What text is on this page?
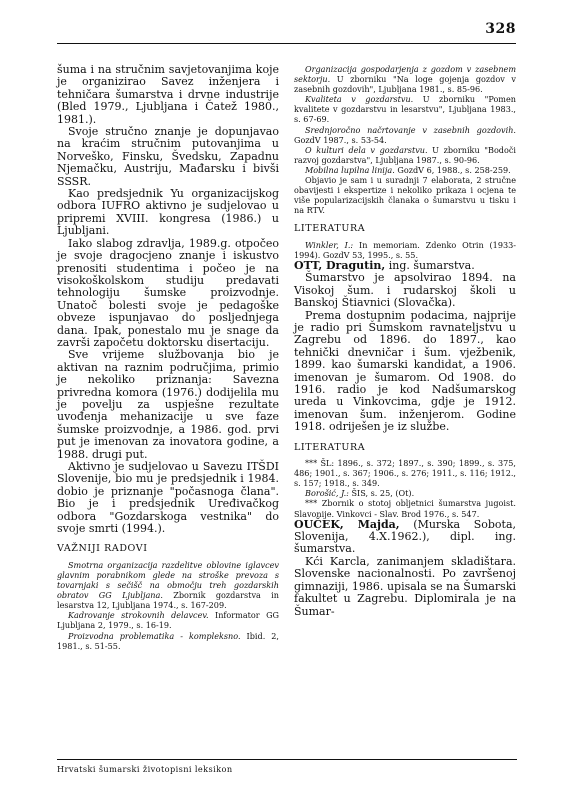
328

šuma i na stručnim savjetovanjima koje je organizirao Savez inženjera i tehničara šumarstva i drvne industrije (Bled 1979., Ljubljana i Čatež 1980., 1981.).

Svoje stručno znanje je dopunjavao na kraćim stručnim putovanjima u Norveško, Finsku, Švedsku, Zapadnu Njemačku, Austriju, Mađarsku i bivši SSSR.

Kao predsjednik Yu organizacijskog odbora IUFRO aktivno je sudjelovao u pripremi XVIII. kongresa (1986.) u Ljubljani.

Iako slabog zdravlja, 1989.g. otpočeo je svoje dragocjeno znanje i iskustvo prenositi studentima i počeo je na visokoškolskom studiju predavati tehnologiju šumske proizvodnje. Unatoč bolesti svoje je pedagoške obveze ispunjavao do posljednjega dana. Ipak, ponestalo mu je snage da završi započetu doktorsku disertaciju.

Sve vrijeme službovanja bio je aktivan na raznim područjima, primio je nekoliko priznanja: Savezna privredna komora (1976.) dodijelila mu je povelju za uspješne rezultate uvođenja mehanizacije u sve faze šumske proizvodnje, a 1986. god. prvi put je imenovan za inovatora godine, a 1988. drugi put.

Aktivno je sudjelovao u Savezu ITŠDI Slovenije, bio mu je predsjednik i 1984. dobio je priznanje "počasnoga člana". Bio je i predsjednik Uređivačkog odbora "Gozdarskoga vestnika" do svoje smrti (1994.).

VAŽNIJI RADOVI

Smotrna organizacija razdelitve oblovine iglavcev glavnim porabnikom glede na stroške prevoza s tovarnjaki s sečišč na območju treh gozdarskih obratov GG Ljubljana. Zbornik gozdarstva in lesarstva 12, Ljubljana 1974., s. 167-209.

Kadrovanje strokovnih delavcev. Informator GG Ljubljana 2, 1979., s. 16-19.

Proizvodna problematika - kompleksno. Ibid. 2, 1981., s. 51-55.

Organizacija gospodarjenja z gozdom v zasebnem sektorju. U zborniku "Na loge gojenja gozdov v zasebnih gozdovih", Ljubljana 1981., s. 85-96.

Kvaliteta v gozdarstvu. U zborniku "Pomen kvalitete v gozdarstvu in lesarstvu", Ljubljana 1983., s. 67-69.

Srednjoročno načrtovanje v zasebnih gozdovih. GozdV 1987., s. 53-54.

O kulturi dela v gozdarstvu. U zborniku "Bodoči razvoj gozdarstva", Ljubljana 1987., s. 90-96.

Mobilna lupilna linija. GozdV 6, 1988., s. 258-259.

Objavio je sam i u suradnji 7 elaborata, 2 stručne obavijesti i ekspertize i nekoliko prikaza i ocjena te više popularizacijskih članaka o šumarstvu u tisku i na RTV.

LITERATURA

Winkler, I.: In memoriam. Zdenko Otrin (1933-1994). GozdV 53, 1995., s. 55.

OTT, Dragutin, ing. šumarstva.

Šumarstvo je apsolvirao 1894. na Visokoj šum. i rudarskoj školi u Banskoj Štiavnici (Slovačka).

Prema dostupnim podacima, najprije je radio pri Šumskom ravnateljstvu u Zagrebu od 1896. do 1897., kao tehnički dnevničar i šum. vježbenik, 1899. kao šumarski kandidat, a 1906. imenovan je šumarom. Od 1908. do 1916. radio je kod Nadšumarskog ureda u Vinkovcima, gdje je 1912. imenovan šum. inženjerom. Godine 1918. odriješen je iz službe.

LITERATURA

*** ŠL: 1896., s. 372; 1897., s. 390; 1899., s. 375, 486; 1901., s. 367; 1906., s. 276; 1911., s. 116; 1912., s. 157; 1918., s. 349.

Borošić, J.: ŠIS, s. 25, (Ot).

*** Zbornik o stotoj obljetnici šumarstva jugoist. Slavonije. Vinkovci - Slav. Brod 1976., s. 547.

OUČEK, Majda, (Murska Sobota, Slovenija, 4.X.1962.), dipl. ing. šumarstva.

Kći Karcla, zanimanjem skladištara. Slovenske nacionalnosti. Po završenoj gimnaziji, 1986. upisala se na Šumarski fakultet u Zagrebu. Diplomirala je na Šumar-

Hrvatski šumarski životopisni leksikon
